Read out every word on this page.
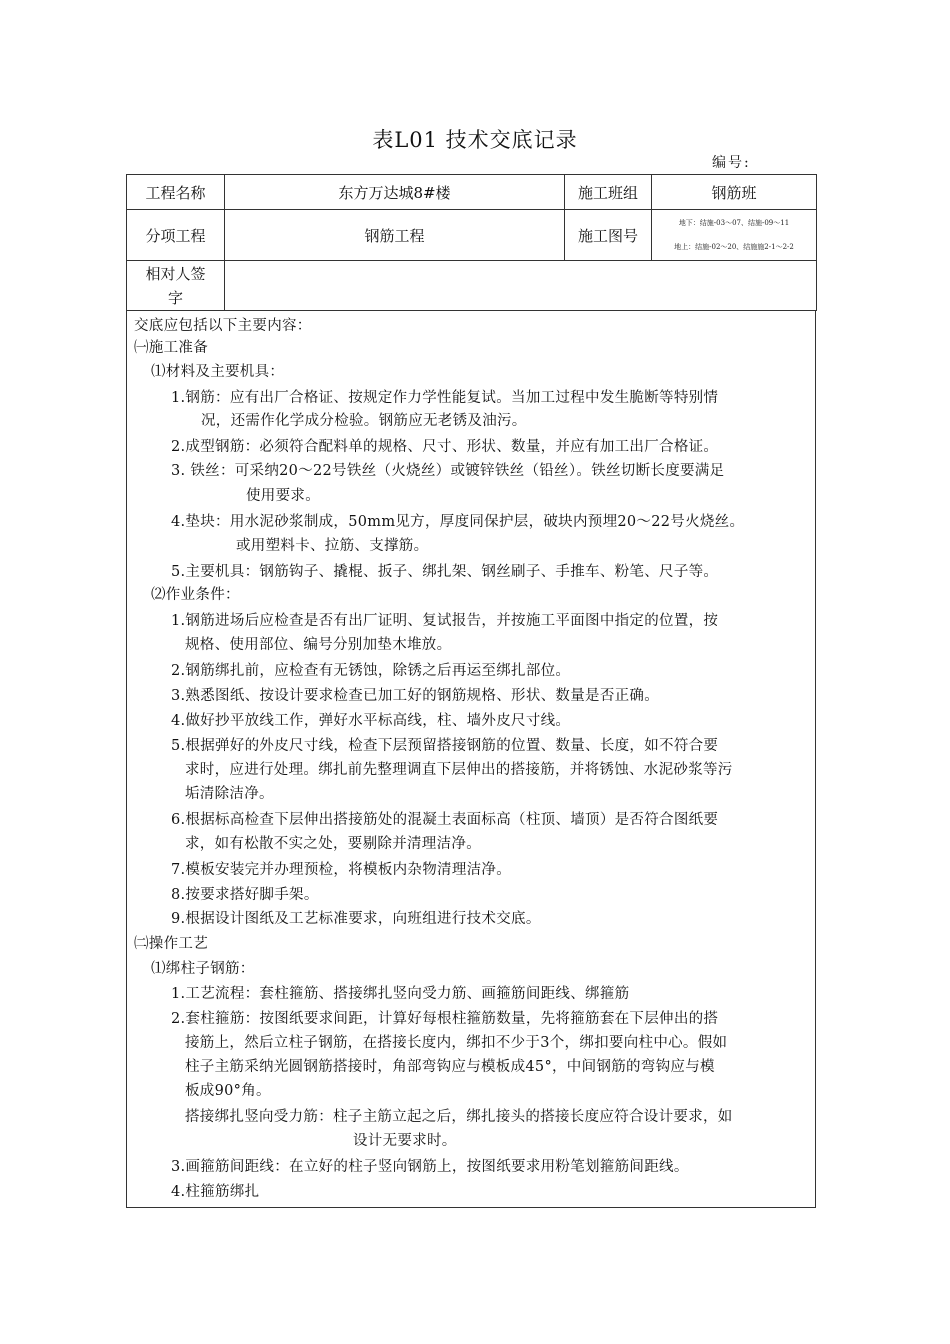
表L01 技术交底记录
编号:
工程名称	东方万达城8#楼	施工班组	钢筋班
分项工程	钢筋工程	施工图号	地下：结施-03～07、结施-09～11
地上：结施-02～20、结施施2-1～2-2

相对人签
字			

交底应包括以下主要内容：
㈠施工准备
⑴材料及主要机具：
1.钢筋：应有出厂合格证、按规定作力学性能复试。当加工过程中发生脆断等特别情
况，还需作化学成分检验。钢筋应无老锈及油污。
2.成型钢筋：必须符合配料单的规格、尺寸、形状、数量，并应有加工出厂合格证。
3. 铁丝：可采纳20～22号铁丝（火烧丝）或镀锌铁丝（铅丝）。铁丝切断长度要满足
使用要求。
4.垫块：用水泥砂浆制成，50mm见方，厚度同保护层，破块内预埋20～22号火烧丝。
或用塑料卡、拉筋、支撑筋。
5.主要机具：钢筋钩子、撬棍、扳子、绑扎架、钢丝刷子、手推车、粉笔、尺子等。
⑵作业条件：
1.钢筋进场后应检查是否有出厂证明、复试报告，并按施工平面图中指定的位置，按
规格、使用部位、编号分别加垫木堆放。
2.钢筋绑扎前，应检查有无锈蚀，除锈之后再运至绑扎部位。
3.熟悉图纸、按设计要求检查已加工好的钢筋规格、形状、数量是否正确。
4.做好抄平放线工作，弹好水平标高线，柱、墙外皮尺寸线。
5.根据弹好的外皮尺寸线，检查下层预留搭接钢筋的位置、数量、长度，如不符合要
求时，应进行处理。绑扎前先整理调直下层伸出的搭接筋，并将锈蚀、水泥砂浆等污
垢清除洁净。
6.根据标高检查下层伸出搭接筋处的混凝土表面标高（柱顶、墙顶）是否符合图纸要
求，如有松散不实之处，要剔除并清理洁净。
7.模板安装完并办理预检，将模板内杂物清理洁净。
8.按要求搭好脚手架。
9.根据设计图纸及工艺标准要求，向班组进行技术交底。
㈡操作工艺
⑴绑柱子钢筋：
1.工艺流程：套柱箍筋、搭接绑扎竖向受力筋、画箍筋间距线、绑箍筋
2.套柱箍筋：按图纸要求间距，计算好每根柱箍筋数量，先将箍筋套在下层伸出的搭
接筋上，然后立柱子钢筋，在搭接长度内，绑扣不少于3个，绑扣要向柱中心。假如
柱子主筋采纳光圆钢筋搭接时，角部弯钩应与模板成45°，中间钢筋的弯钩应与模
板成90°角。
搭接绑扎竖向受力筋：柱子主筋立起之后，绑扎接头的搭接长度应符合设计要求，如
设计无要求时。
3.画箍筋间距线：在立好的柱子竖向钢筋上，按图纸要求用粉笔划箍筋间距线。
4.柱箍筋绑扎
